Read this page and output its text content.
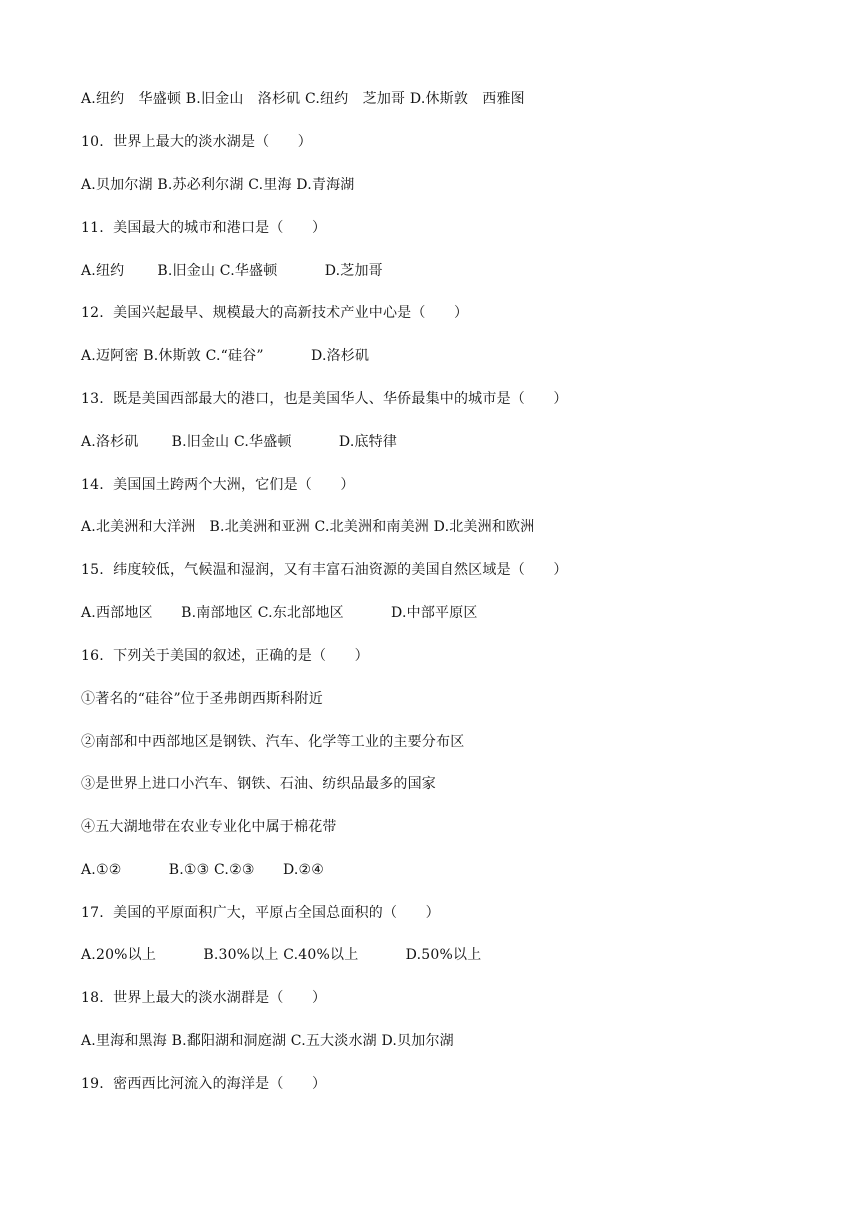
A.纽约　华盛顿 B.旧金山　洛杉矶 C.纽约　芝加哥 D.休斯敦　西雅图
10.  世界上最大的淡水湖是（　　）
A.贝加尔湖 B.苏必利尔湖 C.里海 D.青海湖
11.  美国最大的城市和港口是（　　）
A.纽约　　 B.旧金山 C.华盛顿　　　 D.芝加哥
12.  美国兴起最早、规模最大的高新技术产业中心是（　　）
A.迈阿密 B.休斯敦 C.“硅谷”　　　 D.洛杉矶
13.  既是美国西部最大的港口，也是美国华人、华侨最集中的城市是（　　）
A.洛杉矶　　 B.旧金山 C.华盛顿　　　 D.底特律
14.  美国国土跨两个大洲，它们是（　　）
A.北美洲和大洋洲　B.北美洲和亚洲 C.北美洲和南美洲 D.北美洲和欧洲
15.  纬度较低，气候温和湿润，又有丰富石油资源的美国自然区域是（　　）
A.西部地区　　B.南部地区 C.东北部地区　　　 D.中部平原区
16.  下列关于美国的叙述，正确的是（　　）
①著名的“硅谷”位于圣弗朗西斯科附近
②南部和中西部地区是钢铁、汽车、化学等工业的主要分布区
③是世界上进口小汽车、钢铁、石油、纺织品最多的国家
④五大湖地带在农业专业化中属于棉花带
A.①②　　　 B.①③ C.②③　　D.②④
17.  美国的平原面积广大，平原占全国总面积的（　　）
A.20%以上　　　 B.30%以上 C.40%以上　　　 D.50%以上
18.  世界上最大的淡水湖群是（　　）
A.里海和黑海 B.鄱阳湖和洞庭湖 C.五大淡水湖 D.贝加尔湖
19.  密西西比河流入的海洋是（　　）
